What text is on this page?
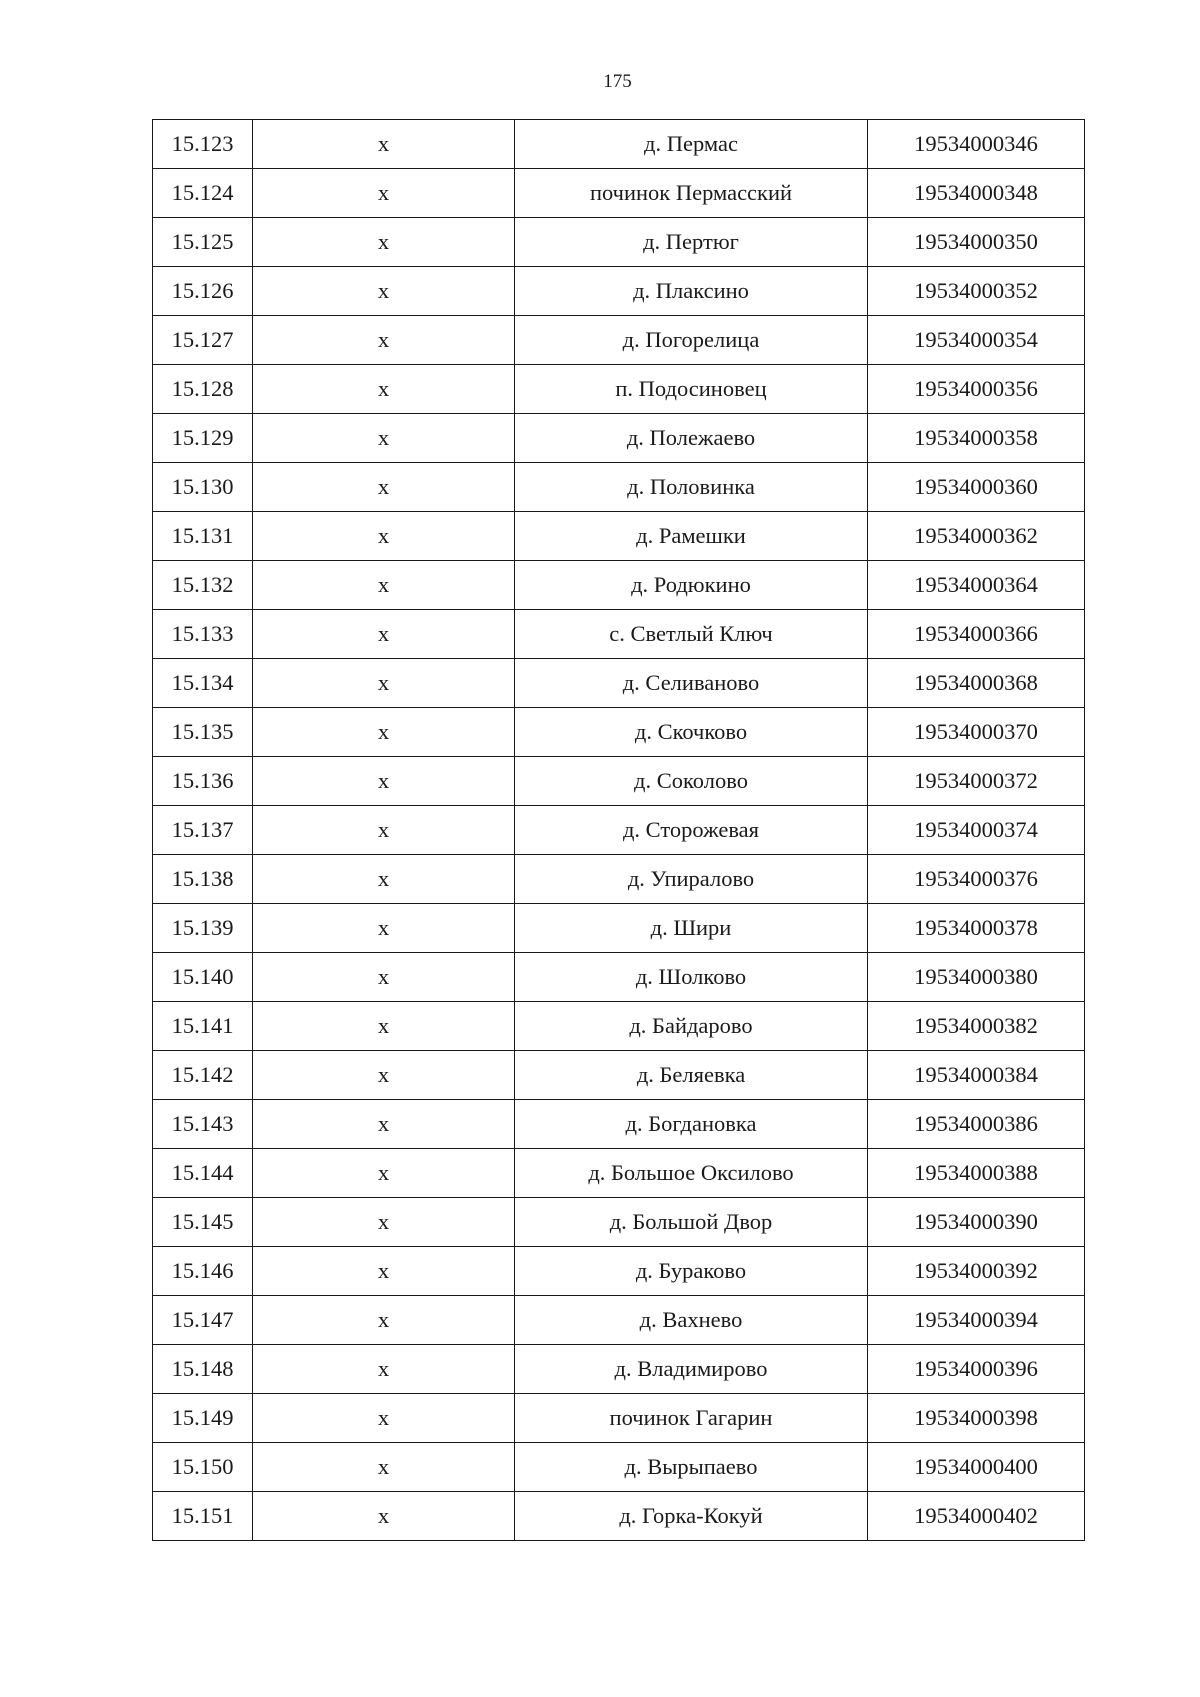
175
15.123	x	д. Пермас	19534000346
15.124	x	починок Пермасский	19534000348
15.125	x	д. Пертюг	19534000350
15.126	x	д. Плаксино	19534000352
15.127	x	д. Погорелица	19534000354
15.128	x	п. Подосиновец	19534000356
15.129	x	д. Полежаево	19534000358
15.130	x	д. Половинка	19534000360
15.131	x	д. Рамешки	19534000362
15.132	x	д. Родюкино	19534000364
15.133	x	с. Светлый Ключ	19534000366
15.134	x	д. Селиваново	19534000368
15.135	x	д. Скочково	19534000370
15.136	x	д. Соколово	19534000372
15.137	x	д. Сторожевая	19534000374
15.138	x	д. Упиралово	19534000376
15.139	x	д. Шири	19534000378
15.140	x	д. Шолково	19534000380
15.141	x	д. Байдарово	19534000382
15.142	x	д. Беляевка	19534000384
15.143	x	д. Богдановка	19534000386
15.144	x	д. Большое Оксилово	19534000388
15.145	x	д. Большой Двор	19534000390
15.146	x	д. Бураково	19534000392
15.147	x	д. Вахнево	19534000394
15.148	x	д. Владимирово	19534000396
15.149	x	починок Гагарин	19534000398
15.150	x	д. Вырыпаево	19534000400
15.151	x	д. Горка-Кокуй	19534000402
